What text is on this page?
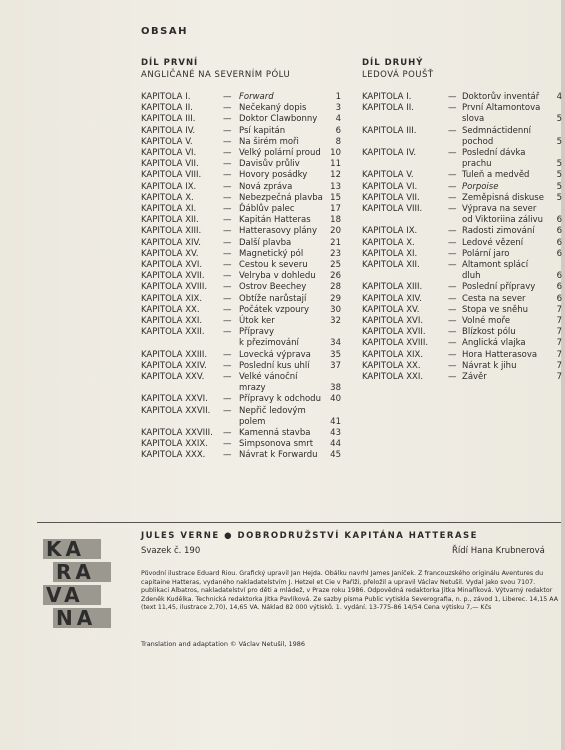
OBSAH
DÍL PRVNÍ
ANGLIČANÉ NA SEVERNÍM PÓLU
DÍL DRUHÝ
LEDOVÁ POUŠŤ
KAPITOLA I.	— Forward	1
KAPITOLA II.	— Nečekaný dopis	3
KAPITOLA III.	— Doktor Clawbonny	4
KAPITOLA IV.	— Psí kapitán	6
KAPITOLA V.	— Na širém moři	8
KAPITOLA VI.	— Velký polární proud	10
KAPITOLA VII.	— Davisův průliv	11
KAPITOLA VIII.	— Hovory posádky	12
KAPITOLA IX.	— Nová zpráva	13
KAPITOLA X.	— Nebezpečná plavba 15
KAPITOLA XI.	— Ďáblův palec	17
KAPITOLA XII.	— Kapitán Hatteras	18
KAPITOLA XIII.	— Hatterasovy plány	20
KAPITOLA XIV.	— Další plavba	21
KAPITOLA XV.	— Magnetický pól	23
KAPITOLA XVI. — Cestou k severu	25
KAPITOLA XVII. — Velryba v dohledu	26
KAPITOLA XVIII. — Ostrov Beechey	28
KAPITOLA XIX. — Obtíže narůstají	29
KAPITOLA XX.	— Počátek vzpoury	30
KAPITOLA XXI. — Útok ker	32
KAPITOLA XXII. — Přípravy
k přezimování	34
KAPITOLA XXIII. — Lovecká výprava	35
KAPITOLA XXIV. — Poslední kus uhlí	37
KAPITOLA XXV. — Velké vánoční
mrazy	38
KAPITOLA XXVI. — Přípravy k odchodu	40
KAPITOLA XXVII. — Nepřič ledovým
polem	41
KAPITOLA XXVIII. — Kamenná stavba	43
KAPITOLA XXIX. — Simpsonova smrt	44
KAPITOLA XXX. — Návrat k Forwardu	45
KAPITOLA I.	— Doktorův inventář	4
KAPITOLA II.	— První Altamontova
slova	5
KAPITOLA III.	— Sedmnáctidenní
pochod	5
KAPITOLA IV.	— Poslední dávka
prachu	5
KAPITOLA V.	— Tuleň a medvěd	5
KAPITOLA VI.	— Porpoise	5
KAPITOLA VII.	— Zeměpisná diskuse	5
KAPITOLA VIII.	— Výprava na sever
od Viktoriina zálivu	6
KAPITOLA IX.	— Radosti zimování	6
KAPITOLA X.	— Ledové vězení	6
KAPITOLA XI.	— Polární jaro	6
KAPITOLA XII.	— Altamont splácí
dluh	6
KAPITOLA XIII.	— Poslední přípravy	6
KAPITOLA XIV.	— Cesta na sever	6
KAPITOLA XV.	— Stopa ve sněhu	7
KAPITOLA XVI.	— Volné moře	7
KAPITOLA XVII.	— Blízkost pólu	7
KAPITOLA XVIII. — Anglická vlajka	7
KAPITOLA XIX.	— Hora Hatterasova	7
KAPITOLA XX.	— Návrat k jihu	7
KAPITOLA XXI.	— Závěr	7
KA
RA
VA
NA
JULES VERNE ● DOBRODRUŽSTVÍ KAPITÁNA HATTERASE
Svazek č. 190	Řídí Hana Krubnerová
Původní ilustrace Eduard Riou. Grafický upravil Jan Hejda. Obálku navrhl James Janíček. Z francouzského originálu Aventures du capitaine Hatteras, vydaného nakladatelstvím J. Hetzel et Cie v Paříži, přeložil a upravil Václav Netušil. Vydal jako svou 7107. publikaci Albatros, nakladatelství pro děti a mládež, v Praze roku 1986. Odpovědná redaktorka Jitka Minaříková. Výtvarný redaktor Zdeněk Kudělka. Technická redaktorka Jitka Pavlíková. Ze sazby písma Public vytiskla Severografia, n. p., závod 1, Liberec. 14,15 AA (text 11,45, ilustrace 2,70), 14,65 VA. Náklad 82 000 výtisků. 1. vydání. 13-775-86 14/54 Cena výtisku 7,— Kčs
Translation and adaptation © Václav Netušil, 1986
